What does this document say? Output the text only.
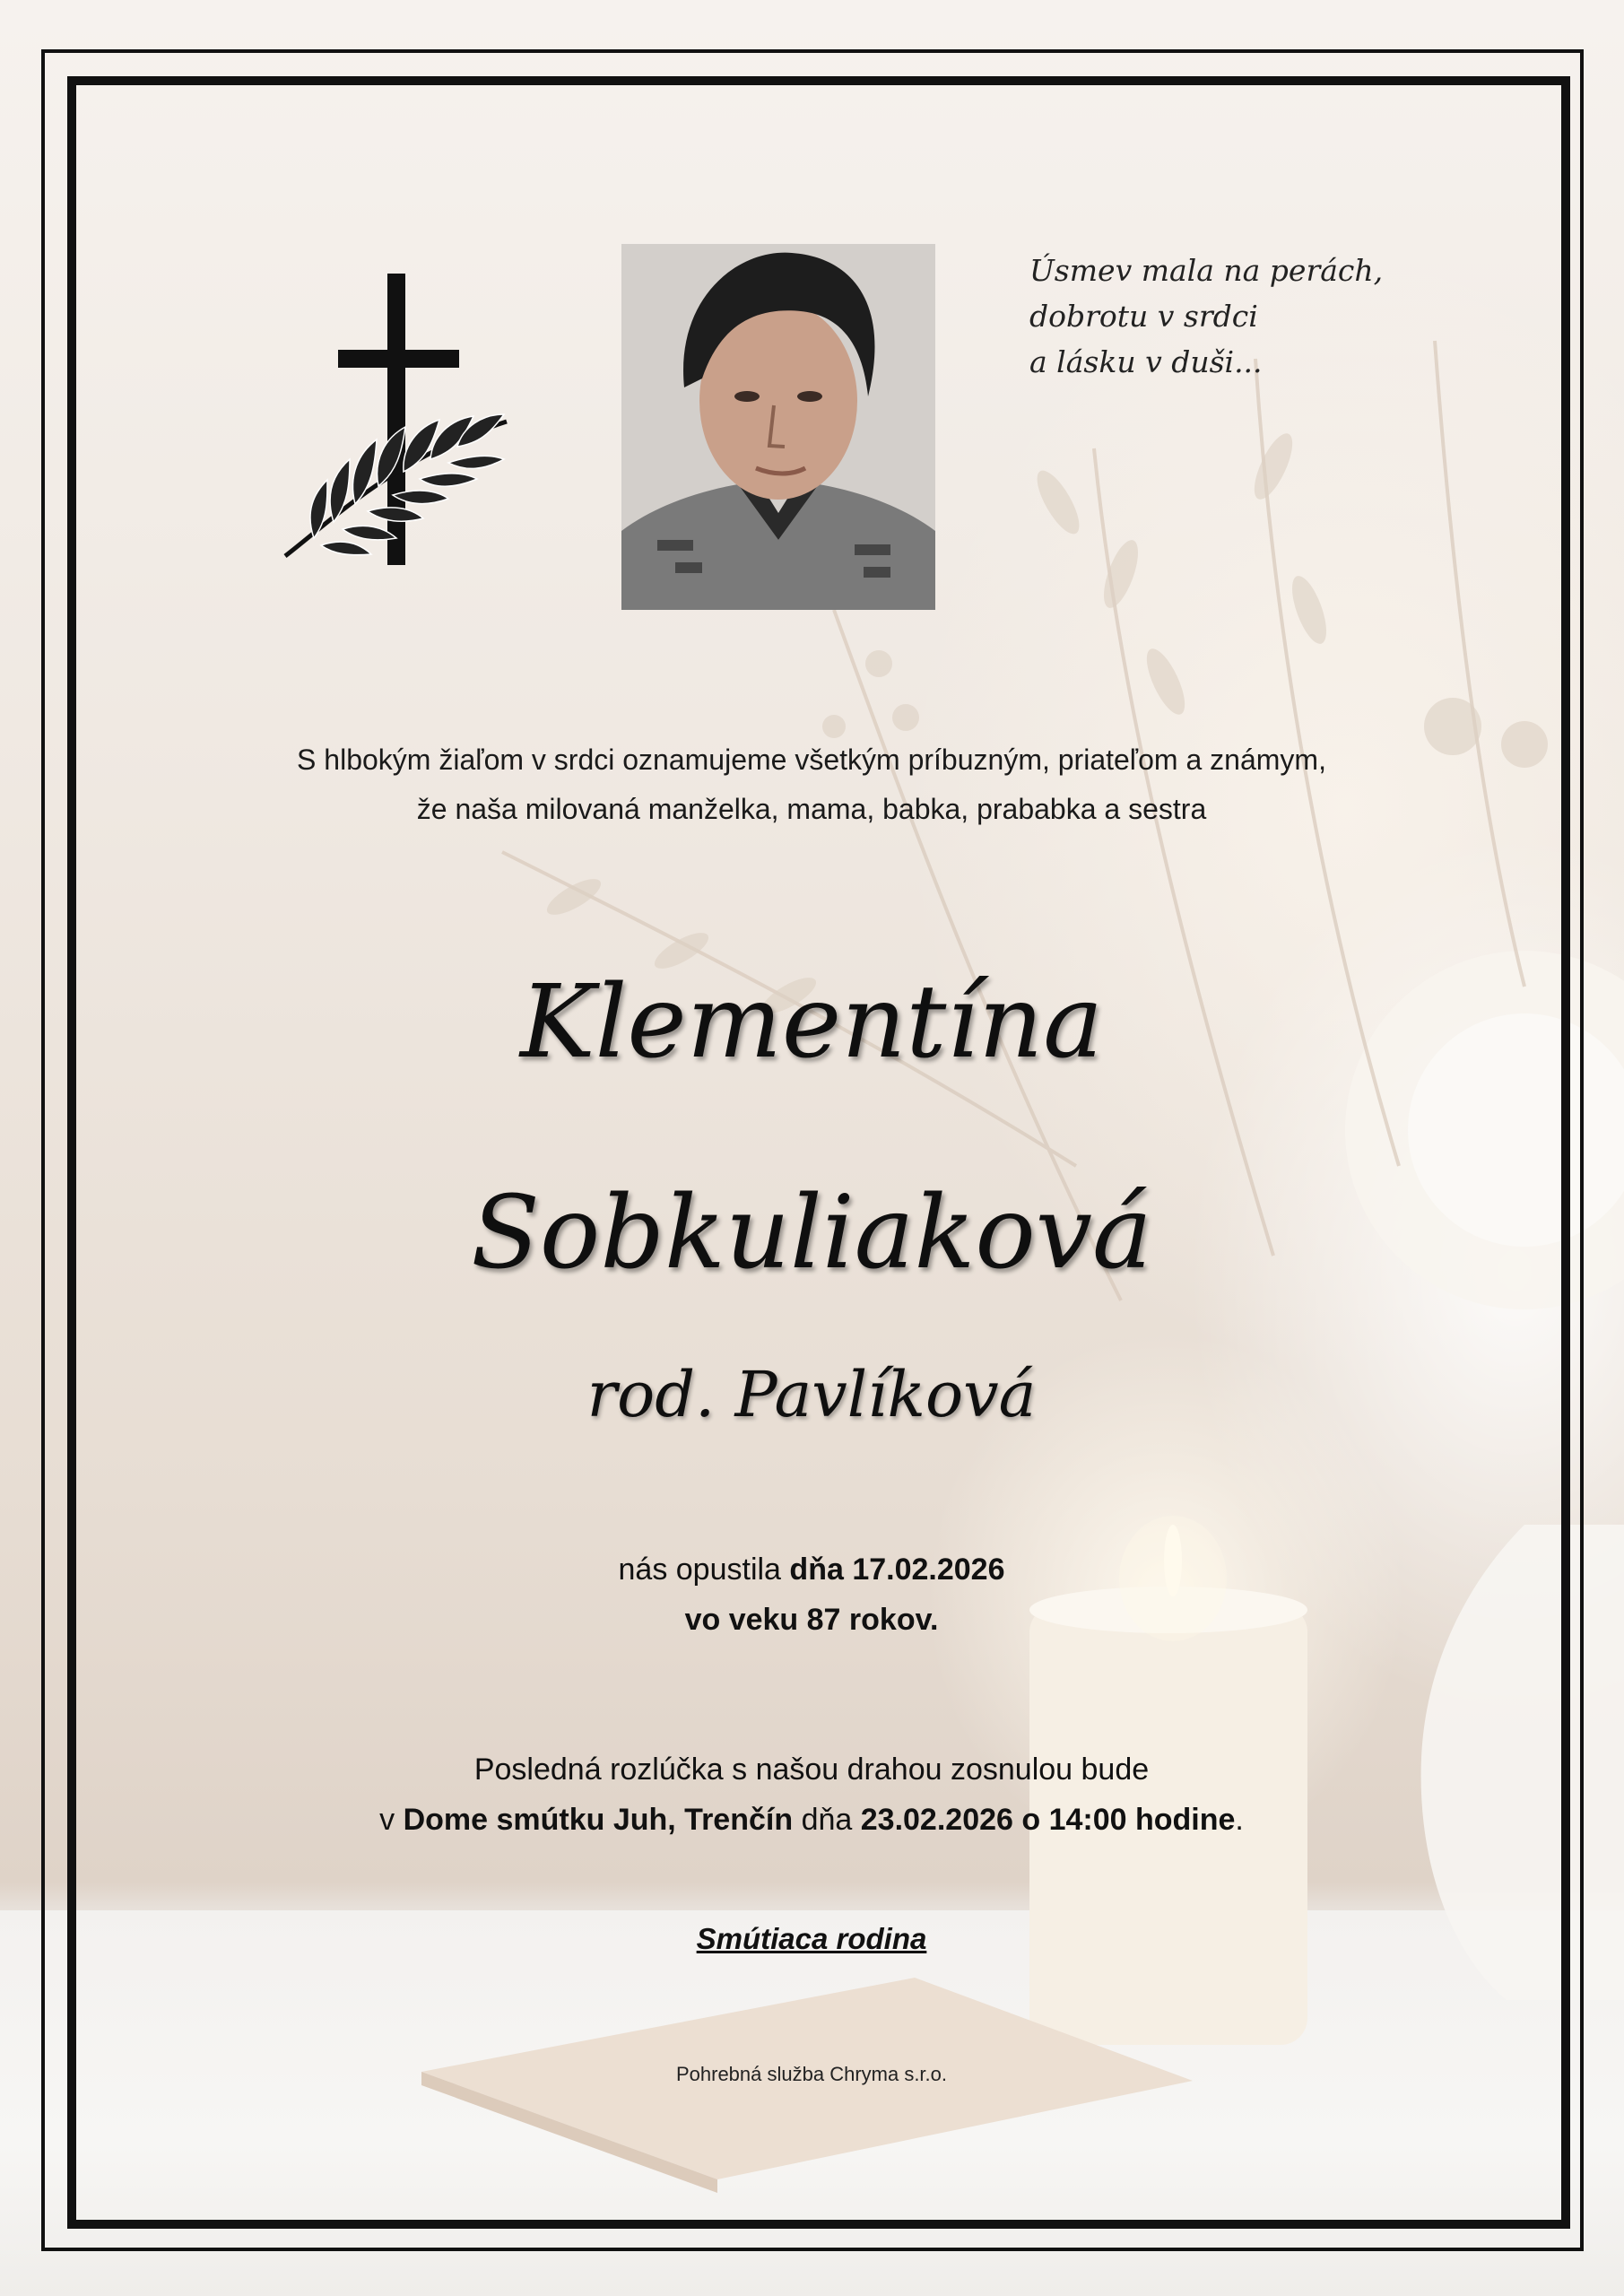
Úsmev mala na perách,
dobrotu v srdci
a lásku v duši...

S hlbokým žiaľom v srdci oznamujeme všetkým príbuzným, priateľom a známym,
že naša milovaná manželka, mama, babka, prababka a sestra
Klementína
Sobkuliaková
rod. Pavlíková
nás opustila dňa 17.02.2026
vo veku 87 rokov.
Posledná rozlúčka s našou drahou zosnulou bude
v Dome smútku Juh, Trenčín dňa 23.02.2026 o 14:00 hodine.
Smútiaca rodina
Pohrebná služba Chryma s.r.o.
